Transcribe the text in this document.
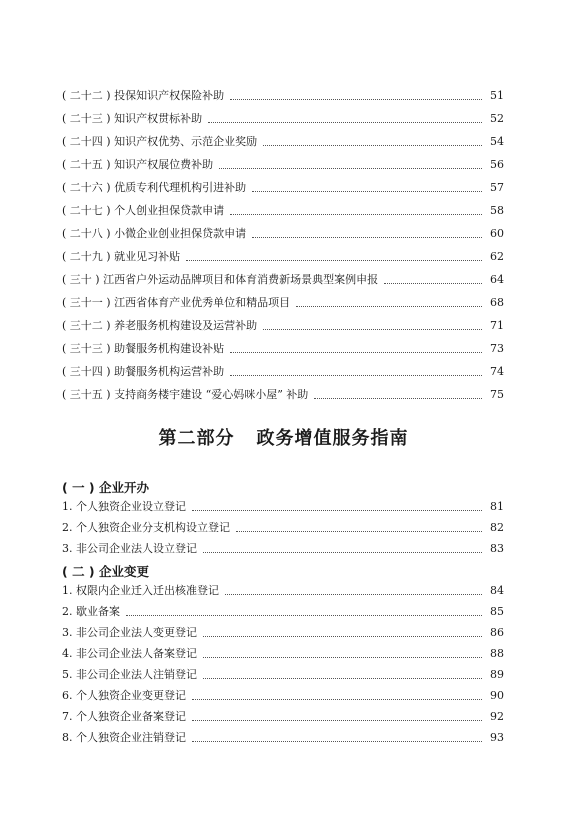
( 二十二 ) 投保知识产权保险补助	51
( 二十三 ) 知识产权贯标补助	52
( 二十四 ) 知识产权优势、示范企业奖励	54
( 二十五 ) 知识产权展位费补助	56
( 二十六 ) 优质专利代理机构引进补助	57
( 二十七 ) 个人创业担保贷款申请	58
( 二十八 ) 小微企业创业担保贷款申请	60
( 二十九 ) 就业见习补贴	62
( 三十 ) 江西省户外运动品牌项目和体育消费新场景典型案例申报	64
( 三十一 ) 江西省体育产业优秀单位和精品项目	68
( 三十二 ) 养老服务机构建设及运营补助	71
( 三十三 ) 助餐服务机构建设补贴	73
( 三十四 ) 助餐服务机构运营补助	74
( 三十五 ) 支持商务楼宇建设 “爱心妈咪小屋” 补助	75
第二部分 政务增值服务指南
( 一 ) 企业开办
1. 个人独资企业设立登记	81
2. 个人独资企业分支机构设立登记	82
3. 非公司企业法人设立登记	83
( 二 ) 企业变更
1. 权限内企业迁入迁出核准登记	84
2. 歇业备案	85
3. 非公司企业法人变更登记	86
4. 非公司企业法人备案登记	88
5. 非公司企业法人注销登记	89
6. 个人独资企业变更登记	90
7. 个人独资企业备案登记	92
8. 个人独资企业注销登记	93
